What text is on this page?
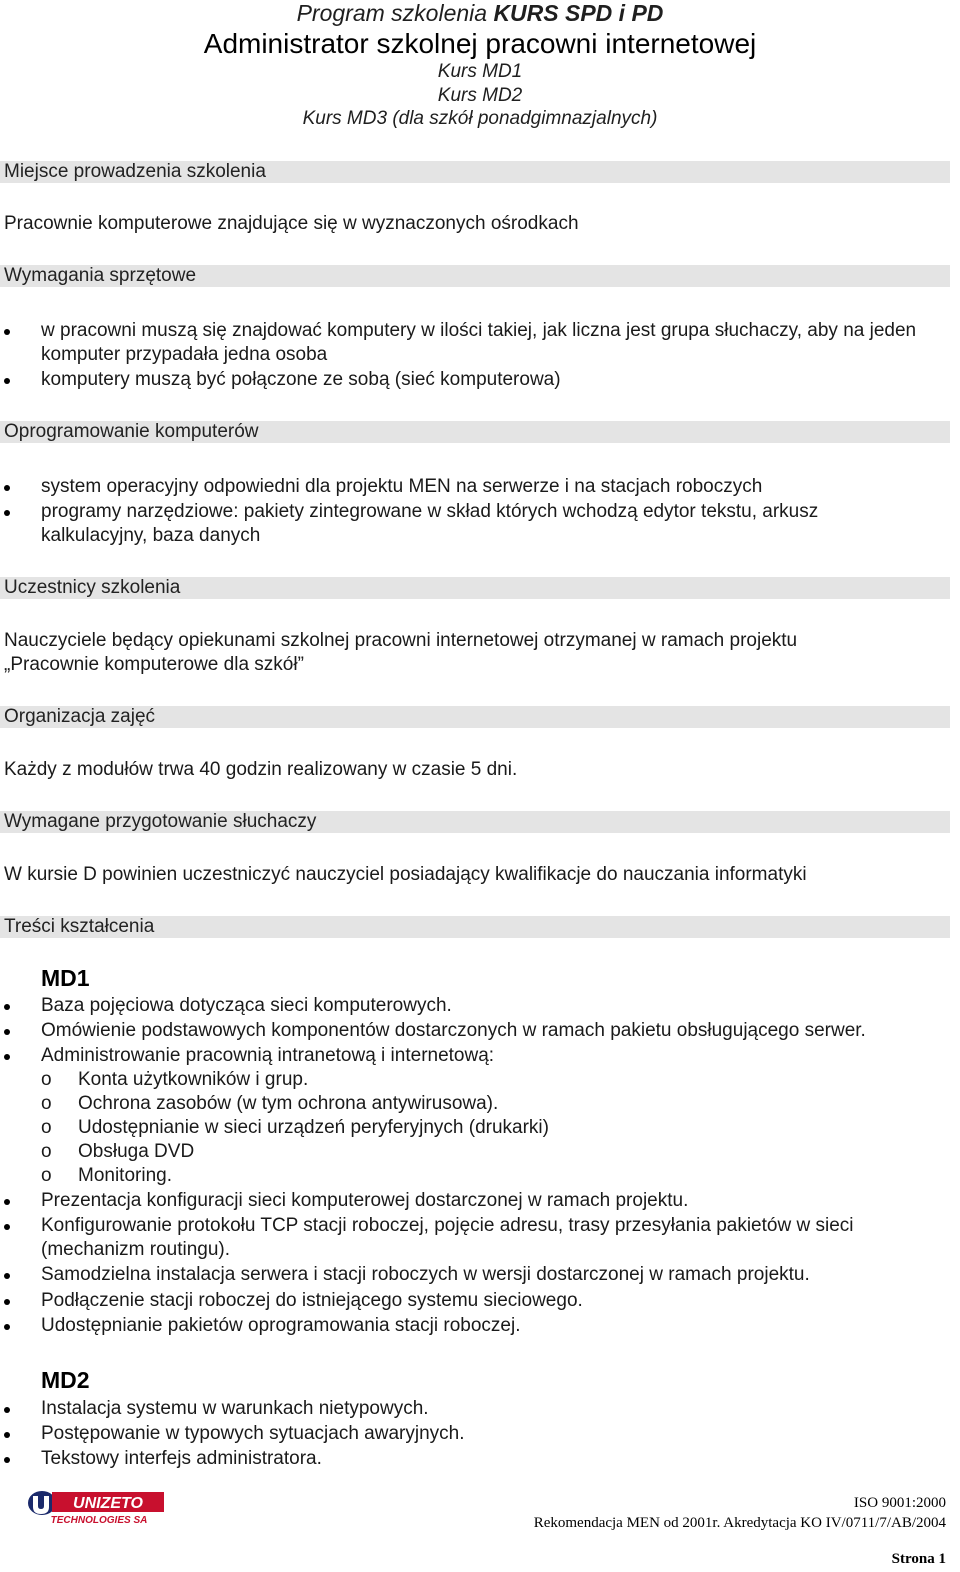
Program szkolenia KURS SPD i PD
Administrator szkolnej pracowni internetowej
Kurs MD1
Kurs MD2
Kurs MD3 (dla szkół ponadgimnazjalnych)
Miejsce prowadzenia szkolenia
Pracownie komputerowe znajdujące się w wyznaczonych ośrodkach
Wymagania sprzętowe
w pracowni muszą się znajdować komputery w ilości takiej, jak liczna jest grupa słuchaczy, aby na jeden komputer przypadała jedna osoba
komputery muszą być połączone ze sobą (sieć komputerowa)
Oprogramowanie komputerów
system operacyjny odpowiedni dla projektu MEN na serwerze i na stacjach roboczych
programy narzędziowe: pakiety zintegrowane w skład których wchodzą edytor tekstu, arkusz kalkulacyjny, baza danych
Uczestnicy szkolenia
Nauczyciele będący opiekunami szkolnej pracowni internetowej otrzymanej w ramach projektu „Pracownie komputerowe dla szkół”
Organizacja zajęć
Każdy z modułów trwa 40 godzin realizowany w czasie 5 dni.
Wymagane przygotowanie słuchaczy
W kursie D powinien uczestniczyć nauczyciel posiadający kwalifikacje do nauczania informatyki
Treści kształcenia
MD1
Baza pojęciowa dotycząca sieci komputerowych.
Omówienie podstawowych komponentów dostarczonych w ramach pakietu obsługującego serwer.
Administrowanie pracownią intranetową i internetową:
o Konta użytkowników i grup.
o Ochrona zasobów (w tym ochrona antywirusowa).
o Udostępnianie w sieci urządzeń peryferyjnych (drukarki)
o Obsługa DVD
o Monitoring.
Prezentacja konfiguracji sieci komputerowej dostarczonej w ramach projektu.
Konfigurowanie protokołu TCP stacji roboczej, pojęcie adresu, trasy przesyłania pakietów w sieci (mechanizm routingu).
Samodzielna instalacja serwera i stacji roboczych w wersji dostarczonej w ramach projektu.
Podłączenie stacji roboczej do istniejącego systemu sieciowego.
Udostępnianie pakietów oprogramowania stacji roboczej.
MD2
Instalacja systemu w warunkach nietypowych.
Postępowanie w typowych sytuacjach awaryjnych.
Tekstowy interfejs administratora.
UNIZETO
TECHNOLOGIES SA
ISO 9001:2000
Rekomendacja MEN od 2001r. Akredytacja KO IV/0711/7/AB/2004
Strona 1
